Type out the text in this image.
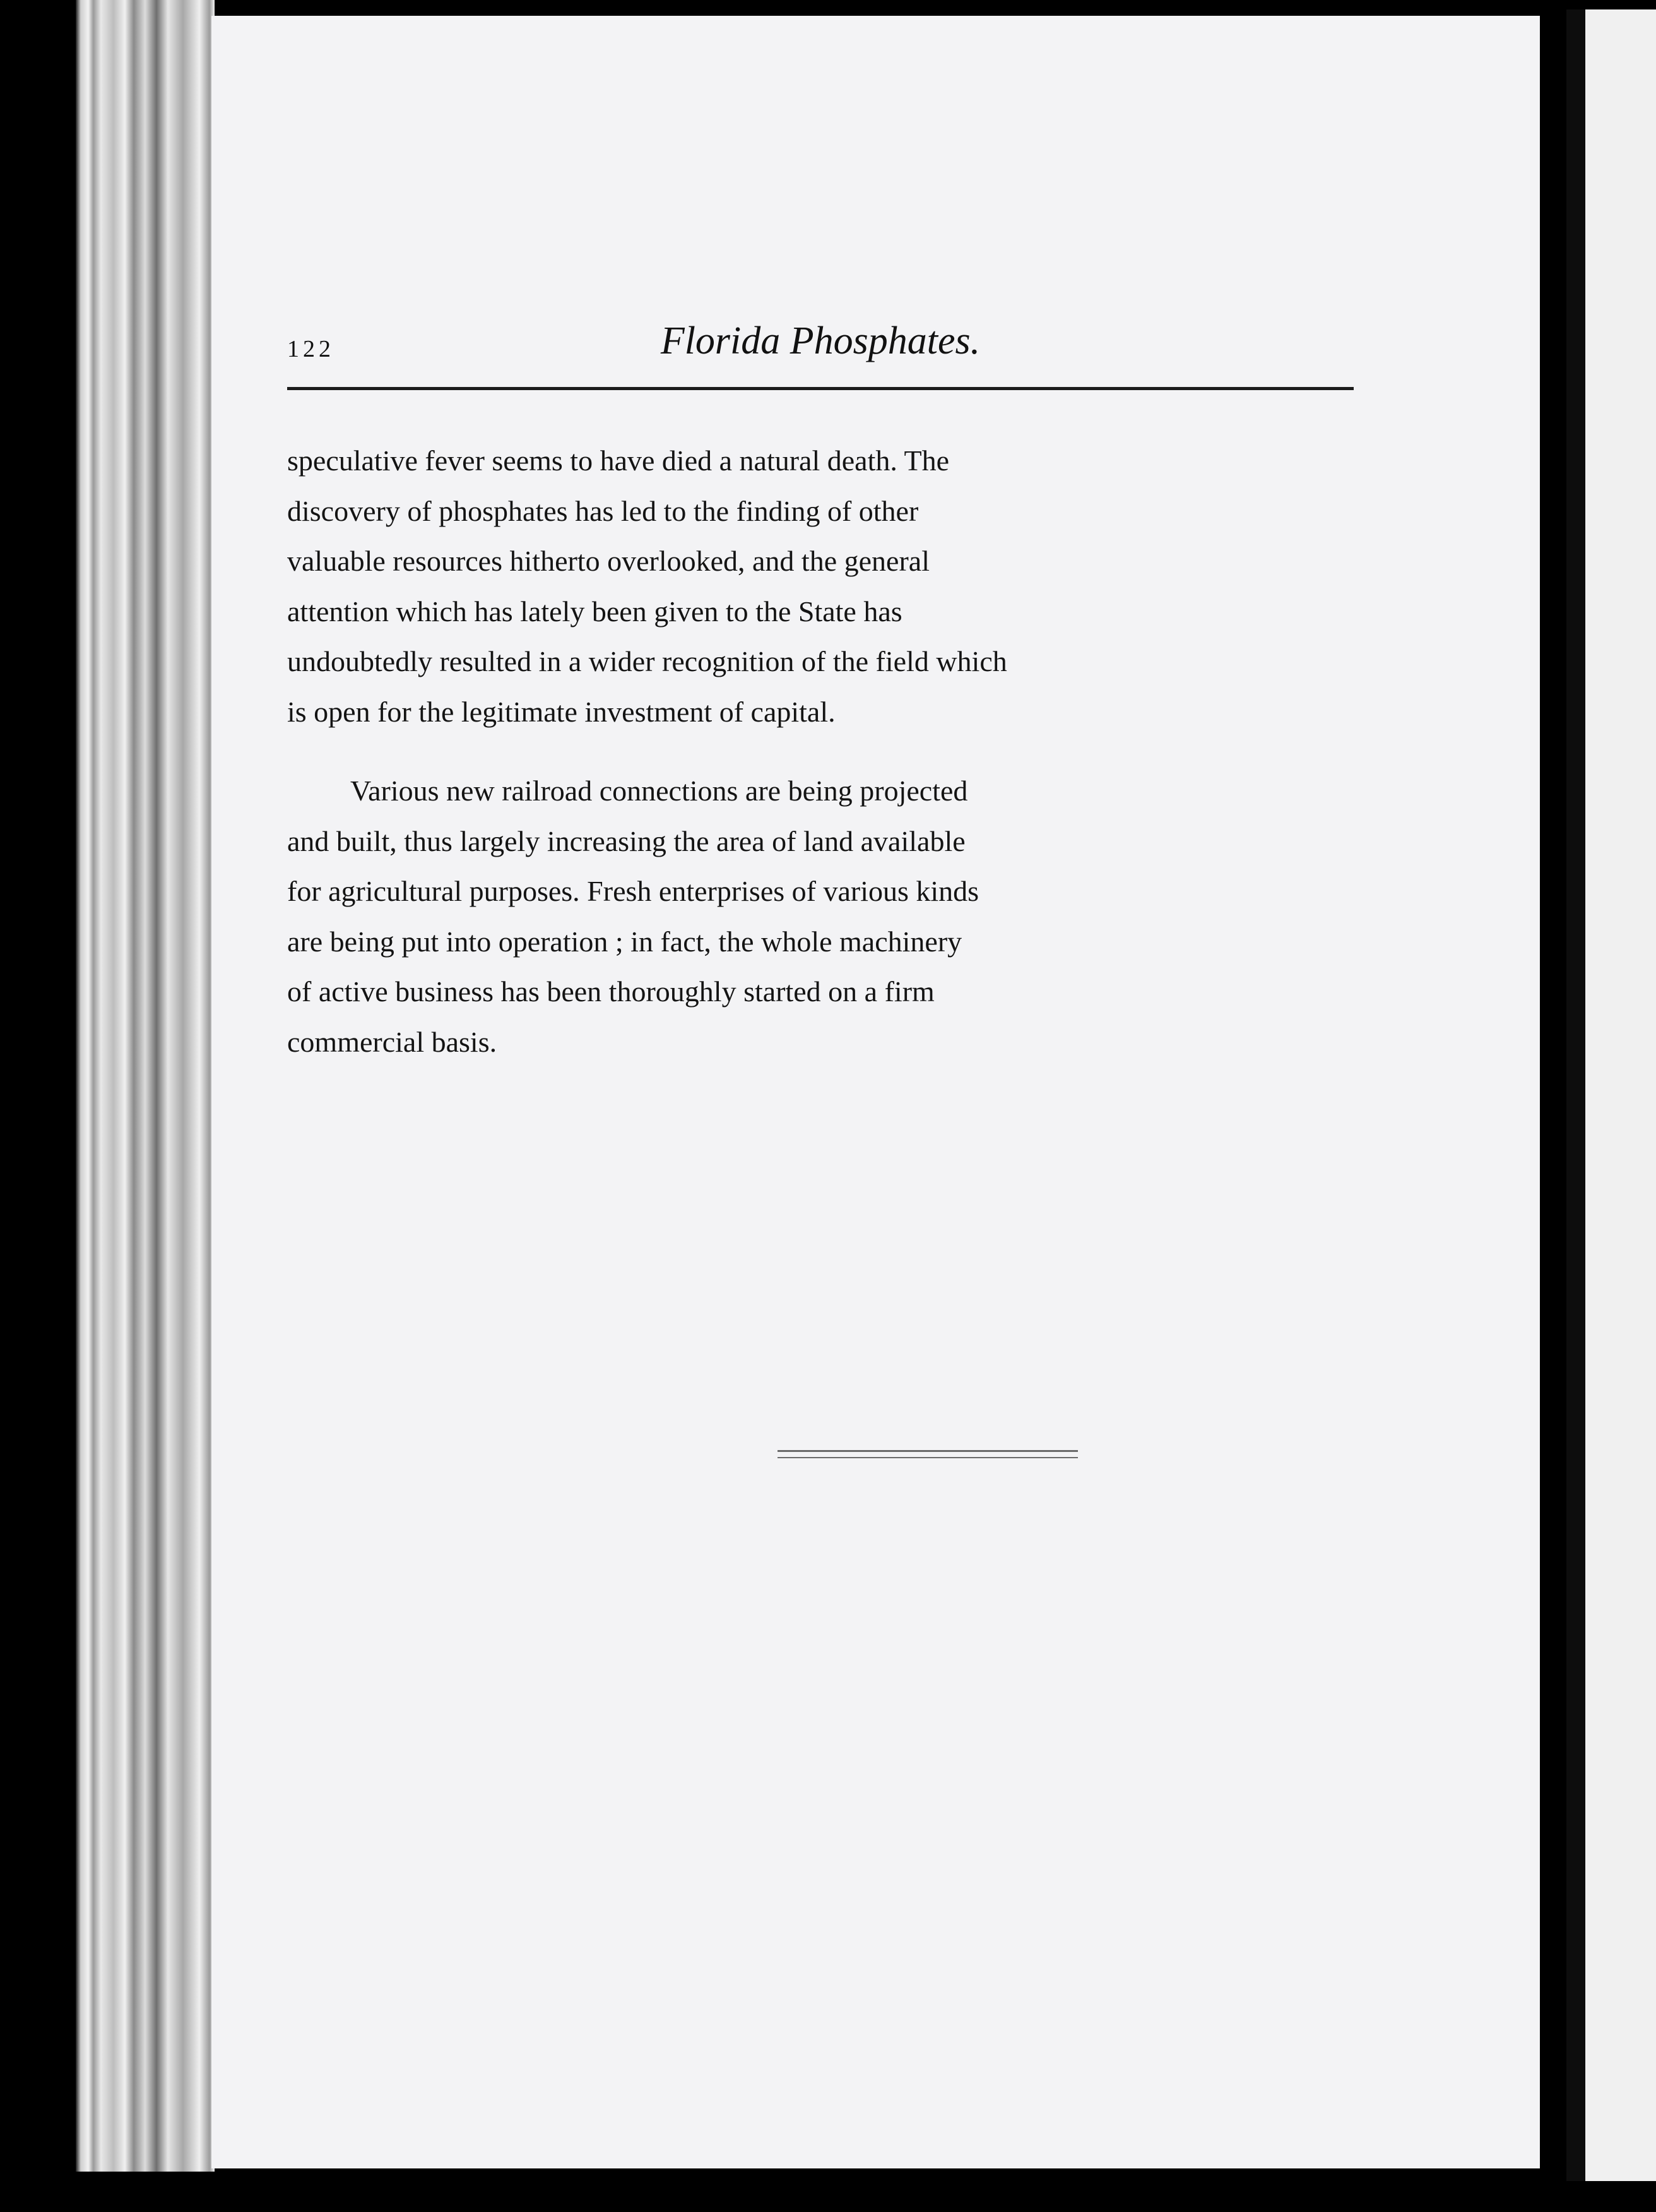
122	Florida Phosphates.

speculative fever seems to have died a natural death. The
discovery of phosphates has led to the finding of other
valuable resources hitherto overlooked, and the general
attention which has lately been given to the State has
undoubtedly resulted in a wider recognition of the field which
is open for the legitimate investment of capital.

Various new railroad connections are being projected
and built, thus largely increasing the area of land available
for agricultural purposes. Fresh enterprises of various kinds
are being put into operation ; in fact, the whole machinery
of active business has been thoroughly started on a firm
commercial basis.
